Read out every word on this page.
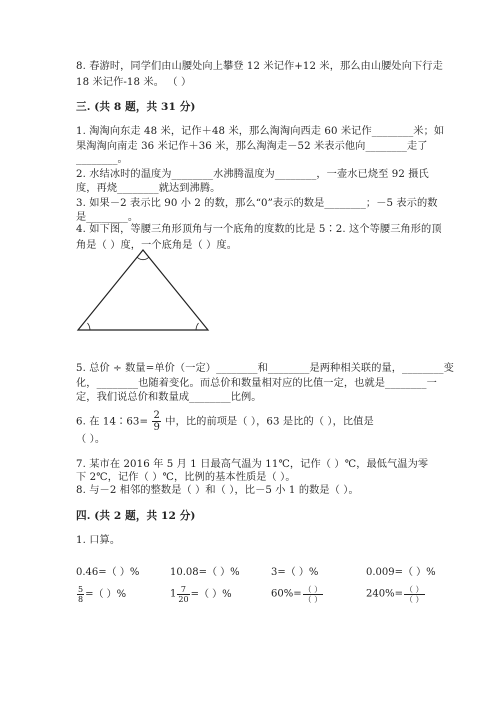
8. 春游时，同学们由山腰处向上攀登 12 米记作+12 米，那么由山腰处向下行走
18 米记作-18 米。 （ ）
三. (共 8 题，共 31 分)
1. 淘淘向东走 48 米，记作＋48 米，那么淘淘向西走 60 米记作________米；如
果淘淘向南走 36 米记作＋36 米，那么淘淘走－52 米表示他向________走了
________。
2. 水结冰时的温度为________水沸腾温度为________，一壶水已烧至 92 摄氏
度，再烧________就达到沸腾。
3. 如果－2 表示比 90 小 2 的数，那么“0”表示的数是________；－5 表示的数
是________。
4. 如下图，等腰三角形顶角与一个底角的度数的比是 5∶2. 这个等腰三角形的顶
角是（ ）度，一个底角是（ ）度。
5. 总价 ÷ 数量=单价（一定）________和________是两种相关联的量，________变
化，________也随着变化。而总价和数量相对应的比值一定，也就是________一
定，我们说总价和数量成________比例。
6. 在 14∶63= $\frac{2}{9}$ 中，比的前项是（ ），63 是比的（ ），比值是
（ ）。
7. 某市在 2016 年 5 月 1 日最高气温为 11℃，记作（ ）℃，最低气温为零
下 2℃，记作（ ）℃，比例的基本性质是（ ）。
8. 与－2 相邻的整数是（ ）和（ ），比－5 小 1 的数是（ ）。
四. (共 2 题，共 12 分)
1. 口算。
0.46=（ ）%	10.08=（ ）%	3=（ ）%	0.009=（ ）%
$\frac{5}{8}$ =（ ）%	$1 \frac{7}{20}$ =（ ）%	$60\%= \frac{( )}{( )}$	$240\%= \frac{( )}{( )}$
